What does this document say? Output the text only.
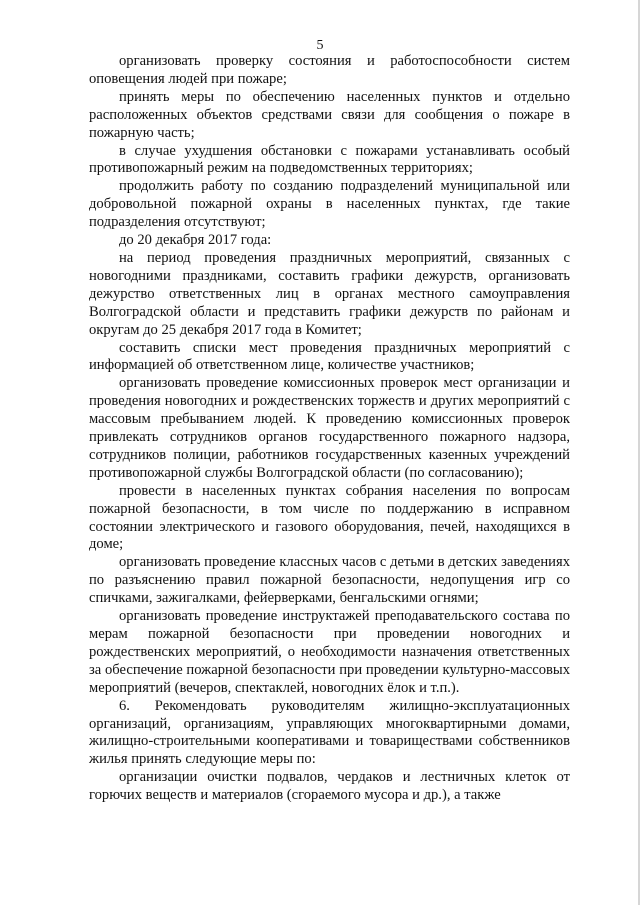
5

организовать проверку состояния и работоспособности систем оповещения людей при пожаре;

принять меры по обеспечению населенных пунктов и отдельно расположенных объектов средствами связи для сообщения о пожаре в пожарную часть;

в случае ухудшения обстановки с пожарами устанавливать особый противопожарный режим на подведомственных территориях;

продолжить работу по созданию подразделений муниципальной или добровольной пожарной охраны в населенных пунктах, где такие подразделения отсутствуют;

до 20 декабря 2017 года:

на период проведения праздничных мероприятий, связанных с новогодними праздниками, составить графики дежурств, организовать дежурство ответственных лиц в органах местного самоуправления Волгоградской области и представить графики дежурств по районам и округам до 25 декабря 2017 года в Комитет;

составить списки мест проведения праздничных мероприятий с информацией об ответственном лице, количестве участников;

организовать проведение комиссионных проверок мест организации и проведения новогодних и рождественских торжеств и других мероприятий с массовым пребыванием людей. К проведению комиссионных проверок привлекать сотрудников органов государственного пожарного надзора, сотрудников полиции, работников государственных казенных учреждений противопожарной службы Волгоградской области (по согласованию);

провести в населенных пунктах собрания населения по вопросам пожарной безопасности, в том числе по поддержанию в исправном состоянии электрического и газового оборудования, печей, находящихся в доме;

организовать проведение классных часов с детьми в детских заведениях по разъяснению правил пожарной безопасности, недопущения игр со спичками, зажигалками, фейерверками, бенгальскими огнями;

организовать проведение инструктажей преподавательского состава по мерам пожарной безопасности при проведении новогодних и рождественских мероприятий, о необходимости назначения ответственных за обеспечение пожарной безопасности при проведении культурно-массовых мероприятий (вечеров, спектаклей, новогодних ёлок и т.п.).

6. Рекомендовать руководителям жилищно-эксплуатационных организаций, организациям, управляющих многоквартирными домами, жилищно-строительными кооперативами и товариществами собственников жилья принять следующие меры по:

организации очистки подвалов, чердаков и лестничных клеток от горючих веществ и материалов (сгораемого мусора и др.), а также
